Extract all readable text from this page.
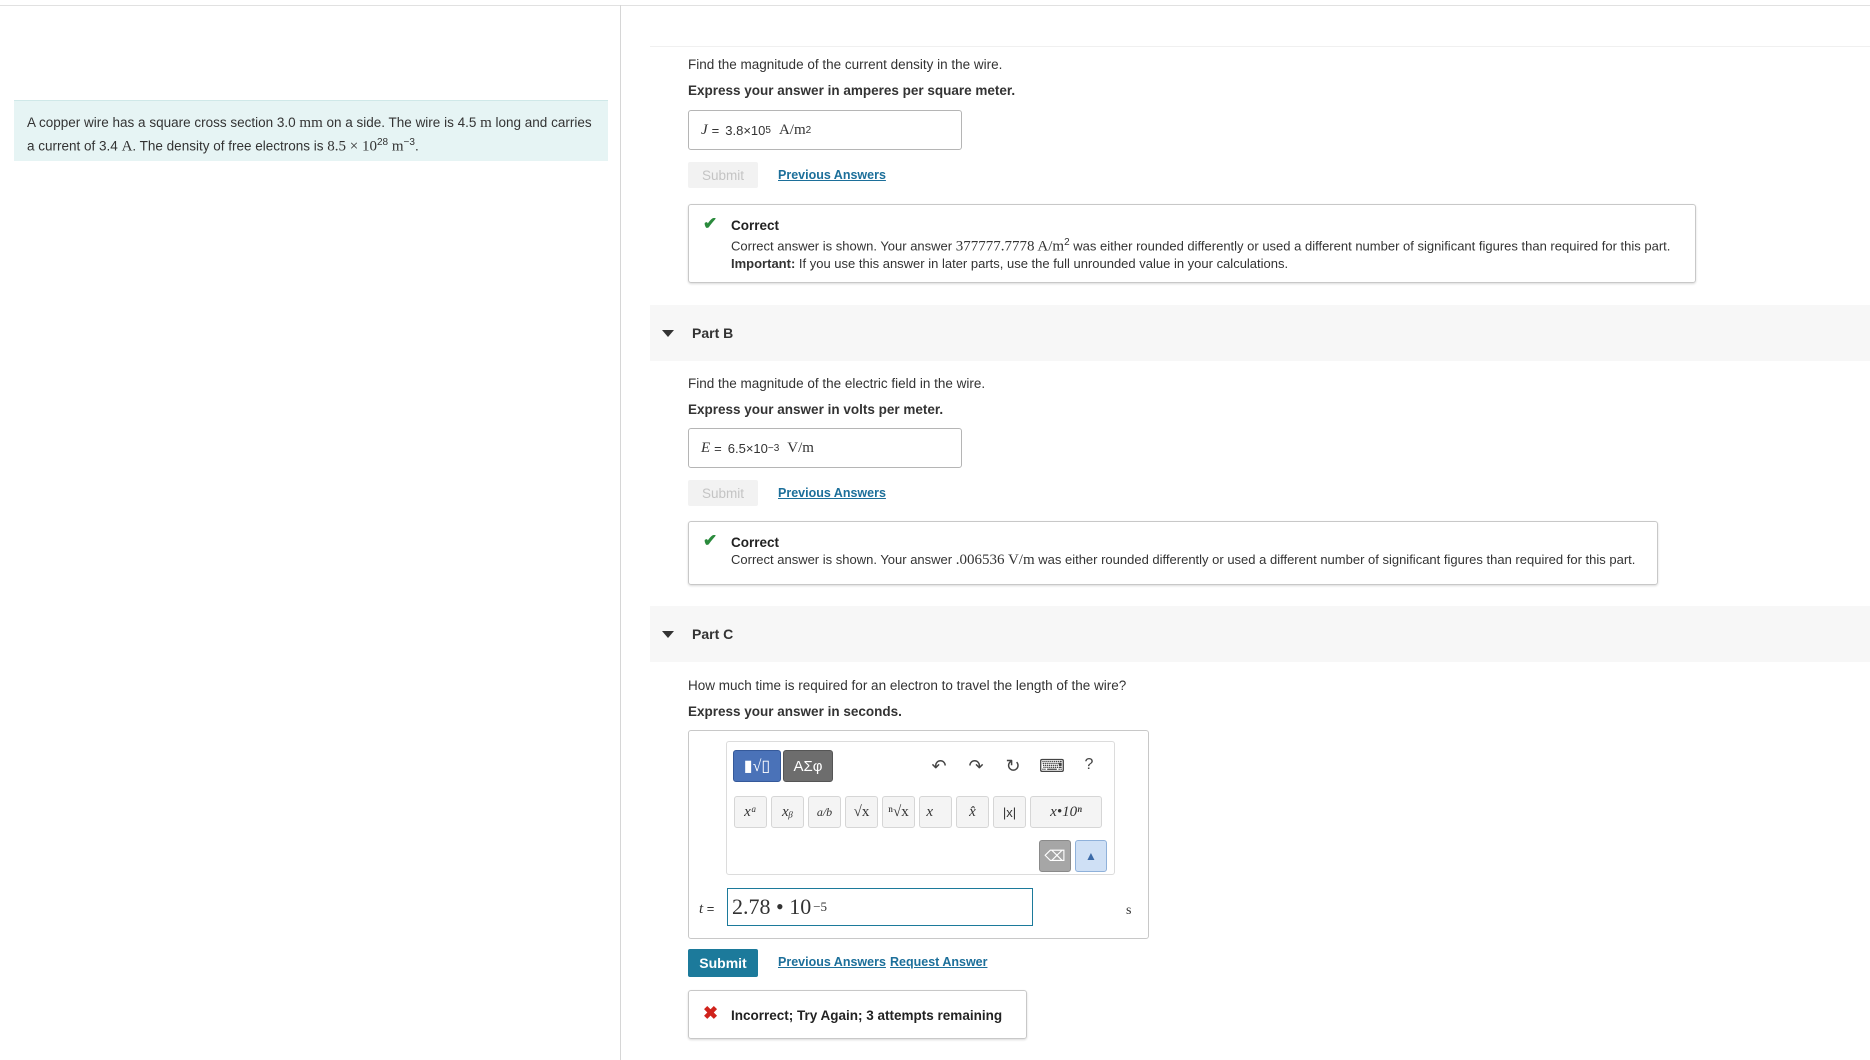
A copper wire has a square cross section 3.0 mm on a side. The wire is 4.5 m long and carries a current of 3.4 A. The density of free electrons is $8.5 \times 10^{28}$ $m^{-3}$.
Find the magnitude of the current density in the wire.
Express your answer in amperes per square meter.
J = 3.8×10 5 A/m 2
Submit	Previous Answers
✔ Correct
Correct answer is shown. Your answer 377777.7778 $A/m^2$ was either rounded differently or used a different number of significant figures than required for this part.
Important: If you use this answer in later parts, use the full unrounded value in your calculations.
Part B
Find the magnitude of the electric field in the wire.
Express your answer in volts per meter.
E = 6.5×10 −3 V/m
Submit	Previous Answers
✔ Correct
Correct answer is shown. Your answer .006536 V/m was either rounded differently or used a different number of significant figures than required for this part.
Part C
How much time is required for an electron to travel the length of the wire?
Express your answer in seconds.
▮√▯	ΑΣφ	↶ ↷ ↻ ⌨	?
xᵃ	xᵦ	a/b	√x	ⁿ√x	x⃗	x̂	|x|	x•10ⁿ
⌫	▲
t = 2.78 • 10 −5	s
Submit	Previous Answers Request Answer
✖ Incorrect; Try Again; 3 attempts remaining
